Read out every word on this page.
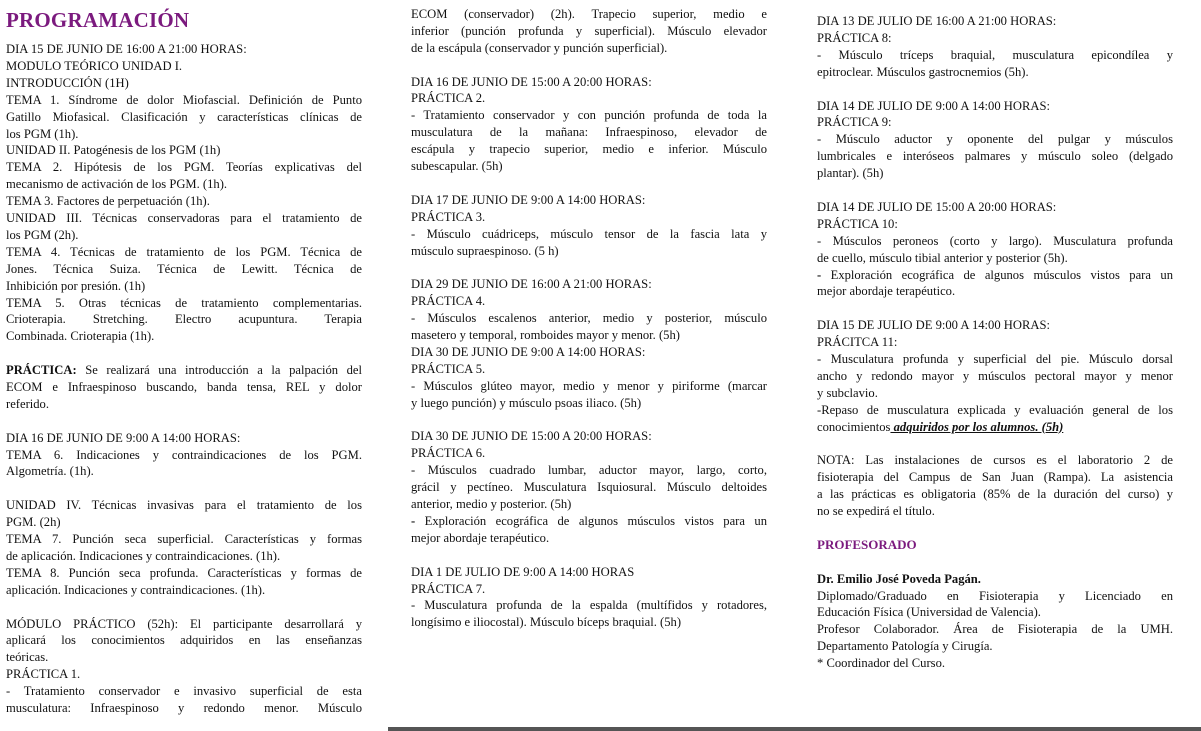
PROGRAMACIÓN
DIA 15 DE JUNIO DE 16:00 A 21:00 HORAS:
MODULO TEÓRICO UNIDAD I.
INTRODUCCIÓN (1H)
TEMA 1. Síndrome de dolor Miofascial. Definición de Punto
Gatillo Miofasical. Clasificación y características clínicas de
los PGM (1h).
UNIDAD II. Patogénesis de los PGM (1h)
TEMA 2. Hipótesis de los PGM. Teorías explicativas del
mecanismo de activación de los PGM. (1h).
TEMA 3. Factores de perpetuación (1h).
UNIDAD III. Técnicas conservadoras para el tratamiento de
los PGM (2h).
TEMA 4. Técnicas de tratamiento de los PGM. Técnica de
Jones. Técnica Suiza. Técnica de Lewitt. Técnica de
Inhibición por presión. (1h)
TEMA 5. Otras técnicas de tratamiento complementarias.
Crioterapia. Stretching. Electro acupuntura. Terapia
Combinada. Crioterapia (1h).
PRÁCTICA: Se realizará una introducción a la palpación del
ECOM e Infraespinoso buscando, banda tensa, REL y dolor
referido.
DIA 16 DE JUNIO DE 9:00 A 14:00 HORAS:
TEMA 6. Indicaciones y contraindicaciones de los PGM.
Algometría. (1h).
UNIDAD IV. Técnicas invasivas para el tratamiento de los
PGM. (2h)
TEMA 7. Punción seca superficial. Características y formas
de aplicación. Indicaciones y contraindicaciones. (1h).
TEMA 8. Punción seca profunda. Características y formas de
aplicación. Indicaciones y contraindicaciones. (1h).
MÓDULO PRÁCTICO (52h): El participante desarrollará y
aplicará los conocimientos adquiridos en las enseñanzas
teóricas.
PRÁCTICA 1.
- Tratamiento conservador e invasivo superficial de esta
musculatura: Infraespinoso y redondo menor. Músculo
ECOM (conservador) (2h). Trapecio superior, medio e
inferior (punción profunda y superficial). Músculo elevador
de la escápula (conservador y punción superficial).
DIA 16 DE JUNIO DE 15:00 A 20:00 HORAS:
PRÁCTICA 2.
- Tratamiento conservador y con punción profunda de toda la
musculatura de la mañana: Infraespinoso, elevador de
escápula y trapecio superior, medio e inferior. Músculo
subescapular. (5h)
DIA 17 DE JUNIO DE 9:00 A 14:00 HORAS:
PRÁCTICA 3.
- Músculo cuádriceps, músculo tensor de la fascia lata y
músculo supraespinoso. (5 h)
DIA 29 DE JUNIO DE 16:00 A 21:00 HORAS:
PRÁCTICA 4.
- Músculos escalenos anterior, medio y posterior, músculo
masetero y temporal, romboides mayor y menor. (5h)
DIA 30 DE JUNIO DE 9:00 A 14:00 HORAS:
PRÁCTICA 5.
- Músculos glúteo mayor, medio y menor y piriforme (marcar
y luego punción) y músculo psoas iliaco. (5h)
DIA 30 DE JUNIO DE 15:00 A 20:00 HORAS:
PRÁCTICA 6.
- Músculos cuadrado lumbar, aductor mayor, largo, corto,
grácil y pectíneo. Musculatura Isquiosural. Músculo deltoides
anterior, medio y posterior. (5h)
- Exploración ecográfica de algunos músculos vistos para un
mejor abordaje terapéutico.
DIA 1 DE JULIO DE 9:00 A 14:00 HORAS
PRÁCTICA 7.
- Musculatura profunda de la espalda (multífidos y rotadores,
longísimo e iliocostal). Músculo bíceps braquial. (5h)
DIA 13 DE JULIO DE 16:00 A 21:00 HORAS:
PRÁCTICA 8:
- Músculo tríceps braquial, musculatura epicondílea y
epitroclear. Músculos gastrocnemios (5h).
DIA 14 DE JULIO DE 9:00 A 14:00 HORAS:
PRÁCTICA 9:
- Músculo aductor y oponente del pulgar y músculos
lumbricales e interóseos palmares y músculo soleo (delgado
plantar). (5h)
DIA 14 DE JULIO DE 15:00 A 20:00 HORAS:
PRÁCTICA 10:
- Músculos peroneos (corto y largo). Musculatura profunda
de cuello, músculo tibial anterior y posterior (5h).
- Exploración ecográfica de algunos músculos vistos para un
mejor abordaje terapéutico.
DIA 15 DE JULIO DE 9:00 A 14:00 HORAS:
PRÁCITCA 11:
- Musculatura profunda y superficial del pie. Músculo dorsal
ancho y redondo mayor y músculos pectoral mayor y menor
y subclavio.
-Repaso de musculatura explicada y evaluación general de los
conocimientos adquiridos por los alumnos. (5h)
NOTA: Las instalaciones de cursos es el laboratorio 2 de
fisioterapia del Campus de San Juan (Rampa). La asistencia
a las prácticas es obligatoria (85% de la duración del curso) y
no se expedirá el título.
PROFESORADO
Dr. Emilio José Poveda Pagán.
Diplomado/Graduado en Fisioterapia y Licenciado en
Educación Física (Universidad de Valencia).
Profesor Colaborador. Área de Fisioterapia de la UMH.
Departamento Patología y Cirugía.
* Coordinador del Curso.
